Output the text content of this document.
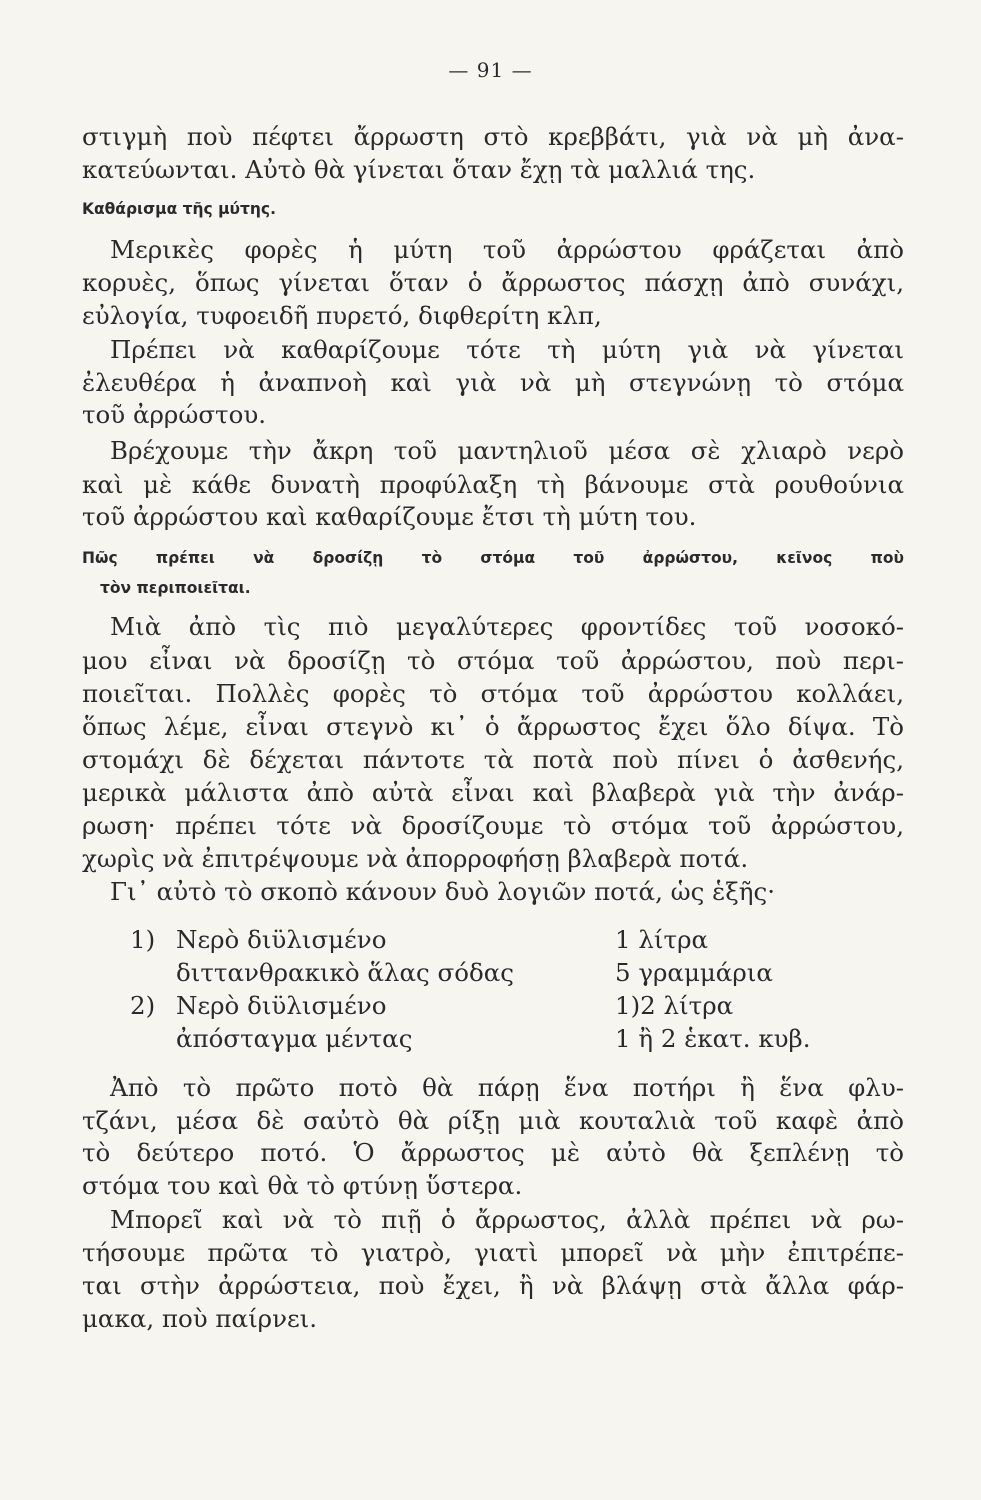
— 91 —
στιγμὴ ποὺ πέφτει ἄρρωστη στὸ κρεββάτι, γιὰ νὰ μὴ ἀνα-
κατεύωνται. Αὐτὸ θὰ γίνεται ὅταν ἔχῃ τὰ μαλλιά της.
Καθάρισμα τῆς μύτης.
Μερικὲς φορὲς ἡ μύτη τοῦ ἀρρώστου φράζεται ἀπὸ
κορυὲς, ὅπως γίνεται ὅταν ὁ ἄρρωστος πάσχῃ ἀπὸ συνάχι,
εὐλογία, τυφοειδῆ πυρετό, διφθερίτη κλπ,
Πρέπει νὰ καθαρίζουμε τότε τὴ μύτη γιὰ νὰ γίνεται
ἐλευθέρα ἡ ἀναπνοὴ καὶ γιὰ νὰ μὴ στεγνώνῃ τὸ στόμα
τοῦ ἀρρώστου.
Βρέχουμε τὴν ἄκρη τοῦ μαντηλιοῦ μέσα σὲ χλιαρὸ νερὸ
καὶ μὲ κάθε δυνατὴ προφύλαξη τὴ βάνουμε στὰ ρουθούνια
τοῦ ἀρρώστου καὶ καθαρίζουμε ἔτσι τὴ μύτη του.
Πῶς πρέπει νὰ δροσίζῃ τὸ στόμα τοῦ ἀρρώστου, κεῖνος ποὺ
τὸν περιποιεῖται.
Μιὰ ἀπὸ τὶς πιὸ μεγαλύτερες φροντίδες τοῦ νοσοκό-
μου εἶναι νὰ δροσίζῃ τὸ στόμα τοῦ ἀρρώστου, ποὺ περι-
ποιεῖται. Πολλὲς φορὲς τὸ στόμα τοῦ ἀρρώστου κολλάει,
ὅπως λέμε, εἶναι στεγνὸ κι᾽ ὁ ἄρρωστος ἔχει ὅλο δίψα. Τὸ
στομάχι δὲ δέχεται πάντοτε τὰ ποτὰ ποὺ πίνει ὁ ἀσθενής,
μερικὰ μάλιστα ἀπὸ αὐτὰ εἶναι καὶ βλαβερὰ γιὰ τὴν ἀνάρ-
ρωση· πρέπει τότε νὰ δροσίζουμε τὸ στόμα τοῦ ἀρρώστου,
χωρὶς νὰ ἐπιτρέψουμε νὰ ἀπορροφήσῃ βλαβερὰ ποτά.
Γι᾽ αὐτὸ τὸ σκοπὸ κάνουν δυὸ λογιῶν ποτά, ὡς ἑξῆς·
1) Νερὸ διϋλισμένο	1 λίτρα
διττανθρακικὸ ἅλας σόδας	5 γραμμάρια
2) Νερὸ διϋλισμένο	1)2 λίτρα
ἀπόσταγμα μέντας	1 ἢ 2 ἑκατ. κυβ.
Ἀπὸ τὸ πρῶτο ποτὸ θὰ πάρῃ ἕνα ποτήρι ἢ ἕνα φλυ-
τζάνι, μέσα δὲ σαὐτὸ θὰ ρίξῃ μιὰ κουταλιὰ τοῦ καφὲ ἀπὸ
τὸ δεύτερο ποτό. Ὁ ἄρρωστος μὲ αὐτὸ θὰ ξεπλένῃ τὸ
στόμα του καὶ θὰ τὸ φτύνῃ ὕστερα.
Μπορεῖ καὶ νὰ τὸ πιῇ ὁ ἄρρωστος, ἀλλὰ πρέπει νὰ ρω-
τήσουμε πρῶτα τὸ γιατρὸ, γιατὶ μπορεῖ νὰ μὴν ἐπιτρέπε-
ται στὴν ἀρρώστεια, ποὺ ἔχει, ἢ νὰ βλάψῃ στὰ ἄλλα φάρ-
μακα, ποὺ παίρνει.
